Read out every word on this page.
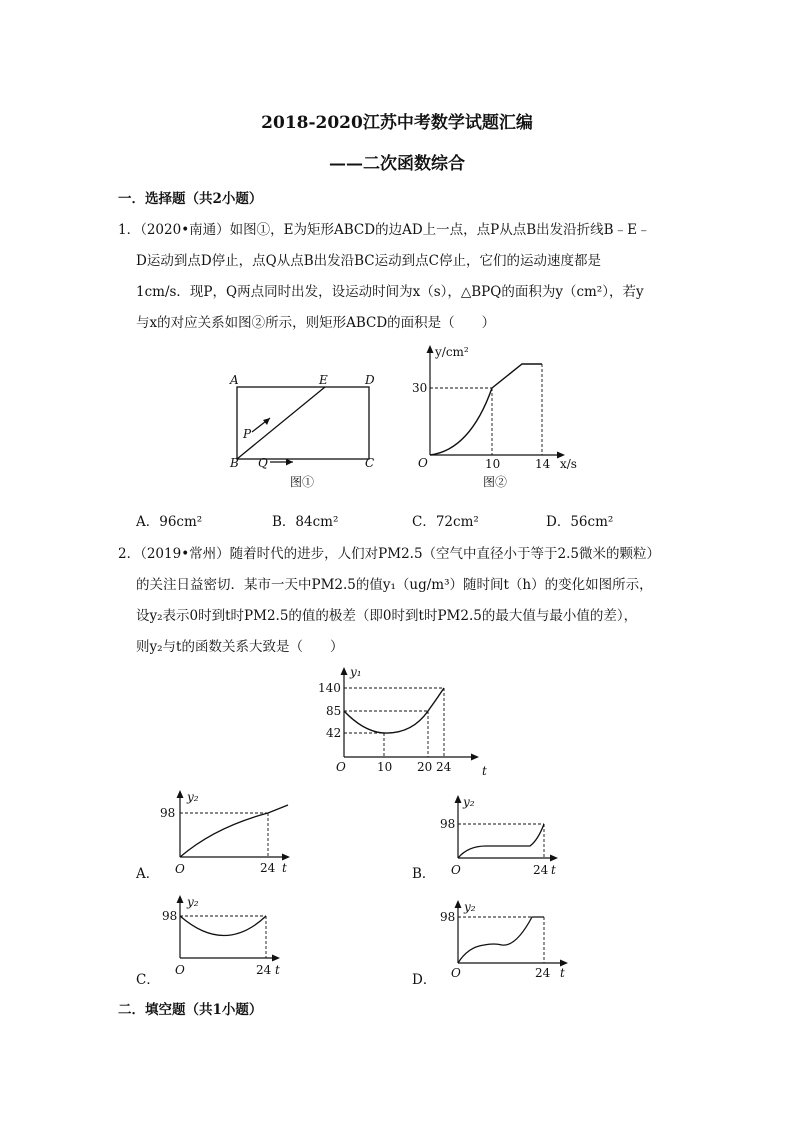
2018-2020江苏中考数学试题汇编
——二次函数综合
一．选择题（共2小题）
1．（2020•南通）如图①，E为矩形ABCD的边AD上一点，点P从点B出发沿折线B﹣E﹣
D运动到点D停止，点Q从点B出发沿BC运动到点C停止，它们的运动速度都是
1cm/s．现P，Q两点同时出发，设运动时间为x（s），△BPQ的面积为y（cm²），若y
与x的对应关系如图②所示，则矩形ABCD的面积是（　　）
A	E	D
B	C
P
Q
图①
y/cm²
x/s
O
30
10	14
图②
A．96cm²	B．84cm²	C．72cm²	D．56cm²
2．（2019•常州）随着时代的进步，人们对PM2.5（空气中直径小于等于2.5微米的颗粒）
的关注日益密切．某市一天中PM2.5的值y₁（ug/m³）随时间t（h）的变化如图所示，
设y₂表示0时到t时PM2.5的值的极差（即0时到t时PM2.5的最大值与最小值的差），
则y₂与t的函数关系大致是（　　）
y₁
t
O
140
85
42
10 20 24
A．
y₂
t
O
98
24	B．
y₂
t
O
98
24
C．
y₂
t
O
98
24
D．
y₂
t
O
98
24
二．填空题（共1小题）
